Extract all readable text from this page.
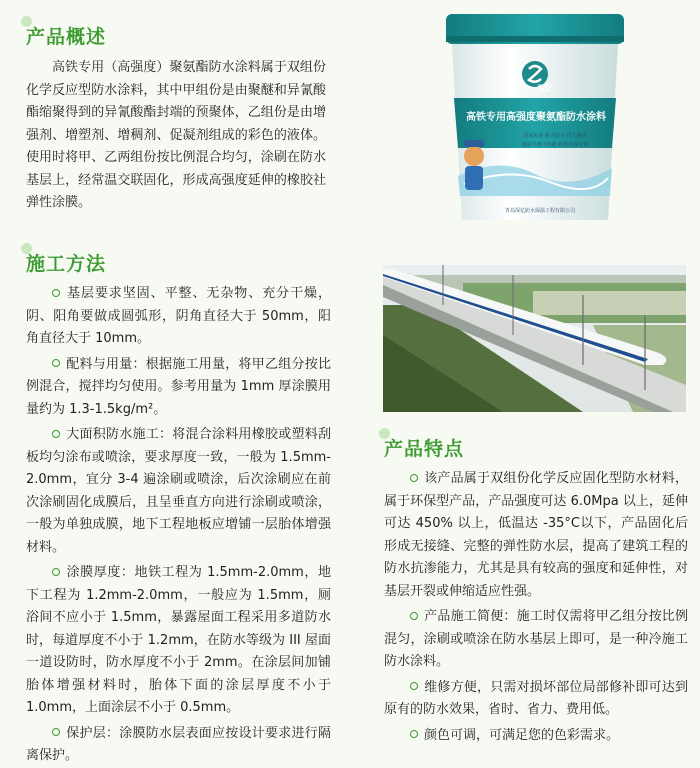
产品概述

高铁专用（高强度）聚氨酯防水涂料属于双组份化学反应型防水涂料，其中甲组份是由聚醚和异氰酸酯缩聚得到的异氰酸酯封端的预聚体，乙组份是由增强剂、增塑剂、增稠剂、促凝剂组成的彩色的液体。使用时将甲、乙两组份按比例混合均匀，涂刷在防水基层上，经常温交联固化，形成高强度延伸的橡胶社弹性涂膜。

深亿
高铁专用高强度聚氨酯防水涂料
国家标准 耐力防水 持久耐用
速流平施工快捷 防渗环保无毒
青岛深亿防水保温工程有限公司
施工方法

基层要求坚固、平整、无杂物、充分干燥，阴、阳角要做成圆弧形，阴角直径大于 50mm，阳角直径大于 10mm。

配料与用量：根据施工用量，将甲乙组分按比例混合，搅拌均匀使用。参考用量为 1mm 厚涂膜用量约为 1.3-1.5kg/m²。

大面积防水施工：将混合涂料用橡胶或塑料刮板均匀涂布或喷涂，要求厚度一致，一般为 1.5mm-2.0mm，宜分 3-4 遍涂刷或喷涂，后次涂刷应在前次涂刷固化成膜后，且呈垂直方向进行涂刷或喷涂，一般为单独成膜，地下工程地板应增铺一层胎体增强材料。

涂膜厚度：地铁工程为 1.5mm-2.0mm，地下工程为 1.2mm-2.0mm，一般应为 1.5mm，厕浴间不应小于 1.5mm，暴露屋面工程采用多道防水时，每道厚度不小于 1.2mm，在防水等级为 III 屋面一道设防时，防水厚度不小于 2mm。在涂层间加铺胎体增强材料时，胎体下面的涂层厚度不小于 1.0mm，上面涂层不小于 0.5mm。

保护层：涂膜防水层表面应按设计要求进行隔离保护。

产品特点

该产品属于双组份化学反应固化型防水材料，属于环保型产品，产品强度可达 6.0Mpa 以上，延伸可达 450% 以上，低温达 -35°C以下，产品固化后形成无接缝、完整的弹性防水层，提高了建筑工程的防水抗渗能力，尤其是具有较高的强度和延伸性，对基层开裂或伸缩适应性强。

产品施工简便：施工时仅需将甲乙组分按比例混匀，涂刷或喷涂在防水基层上即可，是一种冷施工防水涂料。

维修方便，只需对损坏部位局部修补即可达到原有的防水效果，省时、省力、费用低。

颜色可调，可满足您的色彩需求。
